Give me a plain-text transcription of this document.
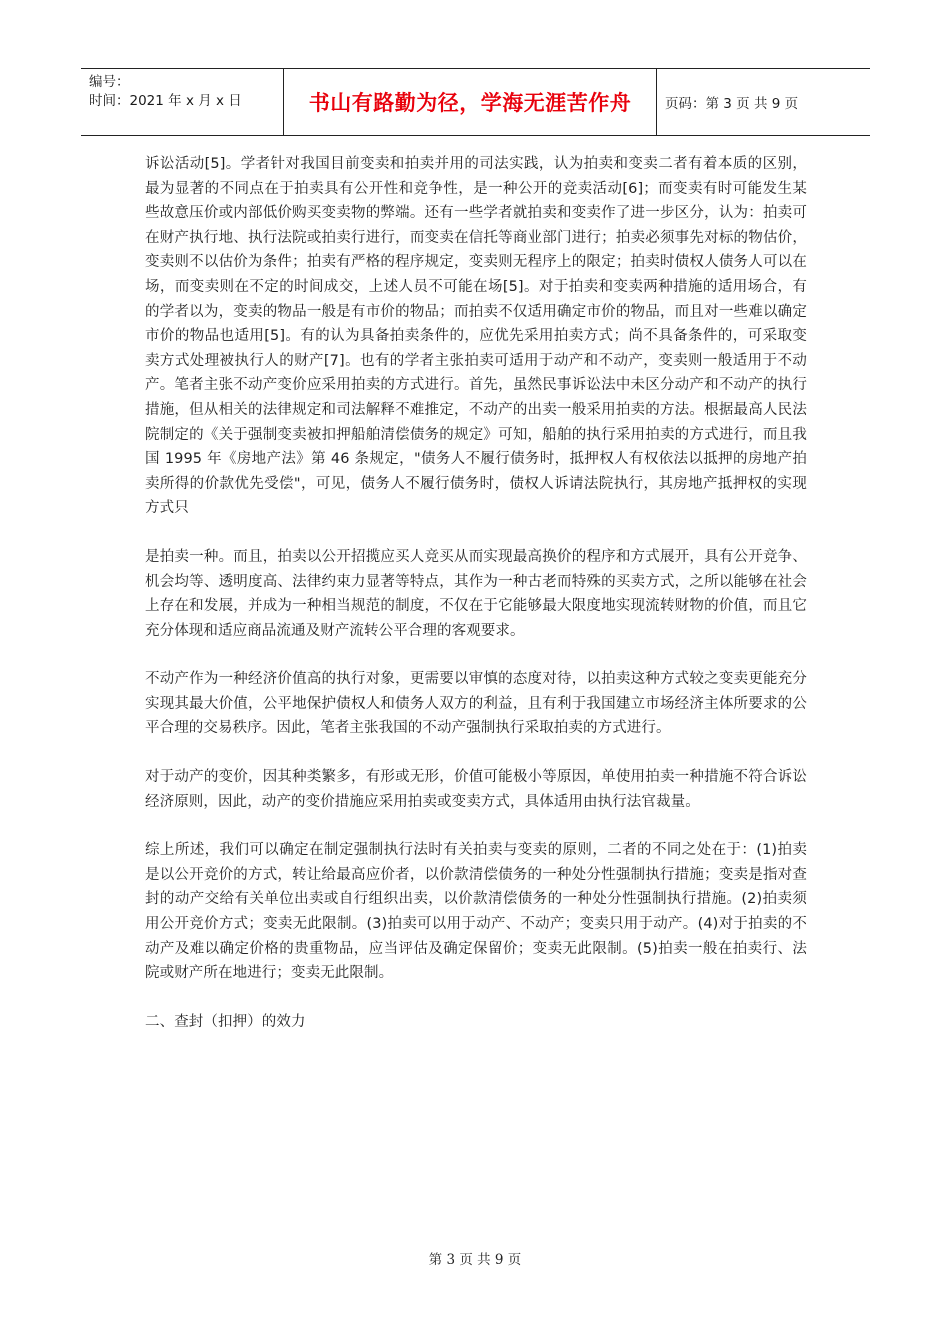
编号：
时间：2021 年 x 月 x 日	书山有路勤为径，学海无涯苦作舟	页码：第 3 页 共 9 页

诉讼活动[5]。学者针对我国目前变卖和拍卖并用的司法实践，认为拍卖和变卖二者有着本质的区别，最为显著的不同点在于拍卖具有公开性和竞争性，是一种公开的竞卖活动[6]；而变卖有时可能发生某些故意压价或内部低价购买变卖物的弊端。还有一些学者就拍卖和变卖作了进一步区分，认为：拍卖可在财产执行地、执行法院或拍卖行进行，而变卖在信托等商业部门进行；拍卖必须事先对标的物估价，变卖则不以估价为条件；拍卖有严格的程序规定，变卖则无程序上的限定；拍卖时债权人债务人可以在场，而变卖则在不定的时间成交，上述人员不可能在场[5]。对于拍卖和变卖两种措施的适用场合，有的学者以为，变卖的物品一般是有市价的物品；而拍卖不仅适用确定市价的物品，而且对一些难以确定市价的物品也适用[5]。有的认为具备拍卖条件的，应优先采用拍卖方式；尚不具备条件的，可采取变卖方式处理被执行人的财产[7]。也有的学者主张拍卖可适用于动产和不动产，变卖则一般适用于不动产。笔者主张不动产变价应采用拍卖的方式进行。首先，虽然民事诉讼法中未区分动产和不动产的执行措施，但从相关的法律规定和司法解释不难推定，不动产的出卖一般采用拍卖的方法。根据最高人民法院制定的《关于强制变卖被扣押船舶清偿债务的规定》可知，船舶的执行采用拍卖的方式进行，而且我国 1995 年《房地产法》第 46 条规定，"债务人不履行债务时，抵押权人有权依法以抵押的房地产拍卖所得的价款优先受偿"，可见，债务人不履行债务时，债权人诉请法院执行，其房地产抵押权的实现方式只

是拍卖一种。而且，拍卖以公开招揽应买人竞买从而实现最高换价的程序和方式展开，具有公开竞争、机会均等、透明度高、法律约束力显著等特点，其作为一种古老而特殊的买卖方式，之所以能够在社会上存在和发展，并成为一种相当规范的制度，不仅在于它能够最大限度地实现流转财物的价值，而且它充分体现和适应商品流通及财产流转公平合理的客观要求。

不动产作为一种经济价值高的执行对象，更需要以审慎的态度对待，以拍卖这种方式较之变卖更能充分实现其最大价值，公平地保护债权人和债务人双方的利益，且有利于我国建立市场经济主体所要求的公平合理的交易秩序。因此，笔者主张我国的不动产强制执行采取拍卖的方式进行。

对于动产的变价，因其种类繁多，有形或无形，价值可能极小等原因，单使用拍卖一种措施不符合诉讼经济原则，因此，动产的变价措施应采用拍卖或变卖方式，具体适用由执行法官裁量。

综上所述，我们可以确定在制定强制执行法时有关拍卖与变卖的原则，二者的不同之处在于：(1)拍卖是以公开竞价的方式，转让给最高应价者，以价款清偿债务的一种处分性强制执行措施；变卖是指对查封的动产交给有关单位出卖或自行组织出卖，以价款清偿债务的一种处分性强制执行措施。(2)拍卖须用公开竞价方式；变卖无此限制。(3)拍卖可以用于动产、不动产；变卖只用于动产。(4)对于拍卖的不动产及难以确定价格的贵重物品，应当评估及确定保留价；变卖无此限制。(5)拍卖一般在拍卖行、法院或财产所在地进行；变卖无此限制。

二、查封（扣押）的效力

第 3 页 共 9 页
